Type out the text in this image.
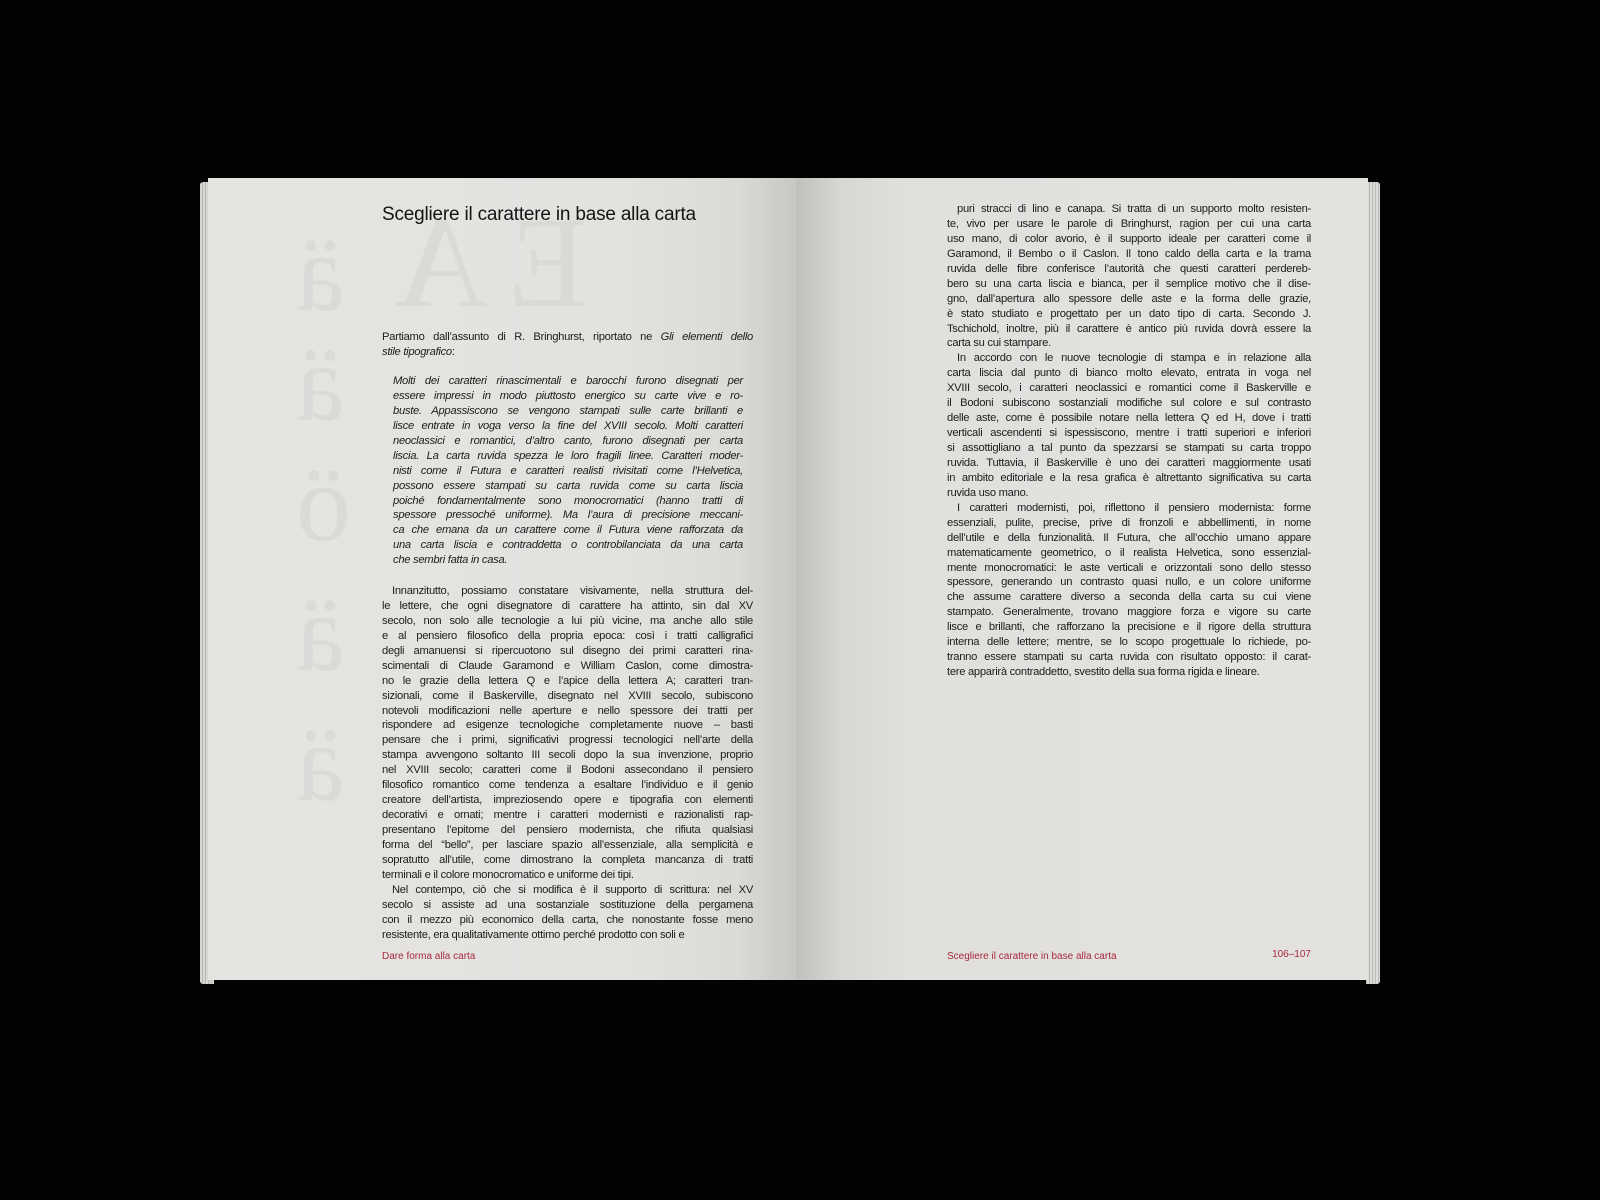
ä A E
ä
ö
ä
ä
Scegliere il carattere in base alla carta
Partiamo dall’assunto di R. Bringhurst, riportato ne Gli elementi dello
stile tipografico:
Molti dei caratteri rinascimentali e barocchi furono disegnati per
essere impressi in modo piuttosto energico su carte vive e ro-
buste. Appassiscono se vengono stampati sulle carte brillanti e
lisce entrate in voga verso la fine del XVIII secolo. Molti caratteri
neoclassici e romantici, d’altro canto, furono disegnati per carta
liscia. La carta ruvida spezza le loro fragili linee. Caratteri moder-
nisti come il Futura e caratteri realisti rivisitati come l’Helvetica,
possono essere stampati su carta ruvida come su carta liscia
poiché fondamentalmente sono monocromatici (hanno tratti di
spessore pressoché uniforme). Ma l’aura di precisione meccani-
ca che emana da un carattere come il Futura viene rafforzata da
una carta liscia e contraddetta o controbilanciata da una carta
che sembri fatta in casa.
Innanzitutto, possiamo constatare visivamente, nella struttura del-
le lettere, che ogni disegnatore di carattere ha attinto, sin dal XV
secolo, non solo alle tecnologie a lui più vicine, ma anche allo stile
e al pensiero filosofico della propria epoca: così i tratti calligrafici
degli amanuensi si ripercuotono sul disegno dei primi caratteri rina-
scimentali di Claude Garamond e William Caslon, come dimostra-
no le grazie della lettera Q e l’apice della lettera A; caratteri tran-
sizionali, come il Baskerville, disegnato nel XVIII secolo, subiscono
notevoli modificazioni nelle aperture e nello spessore dei tratti per
rispondere ad esigenze tecnologiche completamente nuove – basti
pensare che i primi, significativi progressi tecnologici nell’arte della
stampa avvengono soltanto III secoli dopo la sua invenzione, proprio
nel XVIII secolo; caratteri come il Bodoni assecondano il pensiero
filosofico romantico come tendenza a esaltare l’individuo e il genio
creatore dell’artista, impreziosendo opere e tipografia con elementi
decorativi e ornati; mentre i caratteri modernisti e razionalisti rap-
presentano l’epitome del pensiero modernista, che rifiuta qualsiasi
forma del “bello”, per lasciare spazio all’essenziale, alla semplicità e
sopratutto all’utile, come dimostrano la completa mancanza di tratti
terminali e il colore monocromatico e uniforme dei tipi.
Nel contempo, ciò che si modifica è il supporto di scrittura: nel XV
secolo si assiste ad una sostanziale sostituzione della pergamena
con il mezzo più economico della carta, che nonostante fosse meno
resistente, era qualitativamente ottimo perché prodotto con soli e
Dare forma alla carta
puri stracci di lino e canapa. Si tratta di un supporto molto resisten-
te, vivo per usare le parole di Bringhurst, ragion per cui una carta
uso mano, di color avorio, è il supporto ideale per caratteri come il
Garamond, il Bembo o il Caslon. Il tono caldo della carta e la trama
ruvida delle fibre conferisce l’autorità che questi caratteri perdereb-
bero su una carta liscia e bianca, per il semplice motivo che il dise-
gno, dall’apertura allo spessore delle aste e la forma delle grazie,
è stato studiato e progettato per un dato tipo di carta. Secondo J.
Tschichold, inoltre, più il carattere è antico più ruvida dovrà essere la
carta su cui stampare.
In accordo con le nuove tecnologie di stampa e in relazione alla
carta liscia dal punto di bianco molto elevato, entrata in voga nel
XVIII secolo, i caratteri neoclassici e romantici come il Baskerville e
il Bodoni subiscono sostanziali modifiche sul colore e sul contrasto
delle aste, come è possibile notare nella lettera Q ed H, dove i tratti
verticali ascendenti si ispessiscono, mentre i tratti superiori e inferiori
si assottigliano a tal punto da spezzarsi se stampati su carta troppo
ruvida. Tuttavia, il Baskerville è uno dei caratteri maggiormente usati
in ambito editoriale e la resa grafica è altrettanto significativa su carta
ruvida uso mano.
I caratteri modernisti, poi, riflettono il pensiero modernista: forme
essenziali, pulite, precise, prive di fronzoli e abbellimenti, in nome
dell’utile e della funzionalità. Il Futura, che all’occhio umano appare
matematicamente geometrico, o il realista Helvetica, sono essenzial-
mente monocromatici: le aste verticali e orizzontali sono dello stesso
spessore, generando un contrasto quasi nullo, e un colore uniforme
che assume carattere diverso a seconda della carta su cui viene
stampato. Generalmente, trovano maggiore forza e vigore su carte
lisce e brillanti, che rafforzano la precisione e il rigore della struttura
interna delle lettere; mentre, se lo scopo progettuale lo richiede, po-
tranno essere stampati su carta ruvida con risultato opposto: il carat-
tere apparirà contraddetto, svestito della sua forma rigida e lineare.
Scegliere il carattere in base alla carta	106–107
